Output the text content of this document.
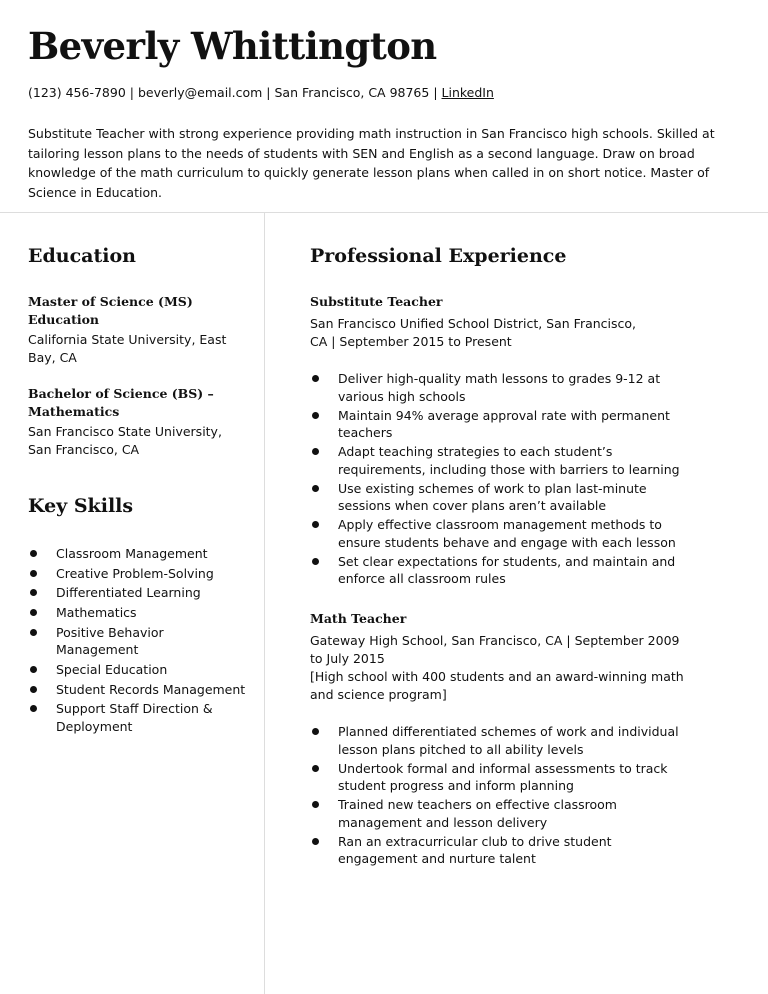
Beverly Whittington
(123) 456-7890 | beverly@email.com | San Francisco, CA 98765 | LinkedIn

Substitute Teacher with strong experience providing math instruction in San Francisco high schools. Skilled at tailoring lesson plans to the needs of students with SEN and English as a second language. Draw on broad knowledge of the math curriculum to quickly generate lesson plans when called in on short notice. Master of Science in Education.

Education

Master of Science (MS) Education

California State University, East Bay, CA

Bachelor of Science (BS) – Mathematics

San Francisco State University, San Francisco, CA

Key Skills
Classroom Management
Creative Problem-Solving
Differentiated Learning
Mathematics
Positive Behavior Management
Special Education
Student Records Management
Support Staff Direction & Deployment
Professional Experience

Substitute Teacher

San Francisco Unified School District, San Francisco, CA | September 2015 to Present

Deliver high-quality math lessons to grades 9-12 at various high schools
Maintain 94% average approval rate with permanent teachers
Adapt teaching strategies to each student’s requirements, including those with barriers to learning
Use existing schemes of work to plan last-minute sessions when cover plans aren’t available
Apply effective classroom management methods to ensure students behave and engage with each lesson
Set clear expectations for students, and maintain and enforce all classroom rules

Math Teacher

Gateway High School, San Francisco, CA | September 2009 to July 2015

[High school with 400 students and an award-winning math and science program]

Planned differentiated schemes of work and individual lesson plans pitched to all ability levels
Undertook formal and informal assessments to track student progress and inform planning
Trained new teachers on effective classroom management and lesson delivery
Ran an extracurricular club to drive student engagement and nurture talent
